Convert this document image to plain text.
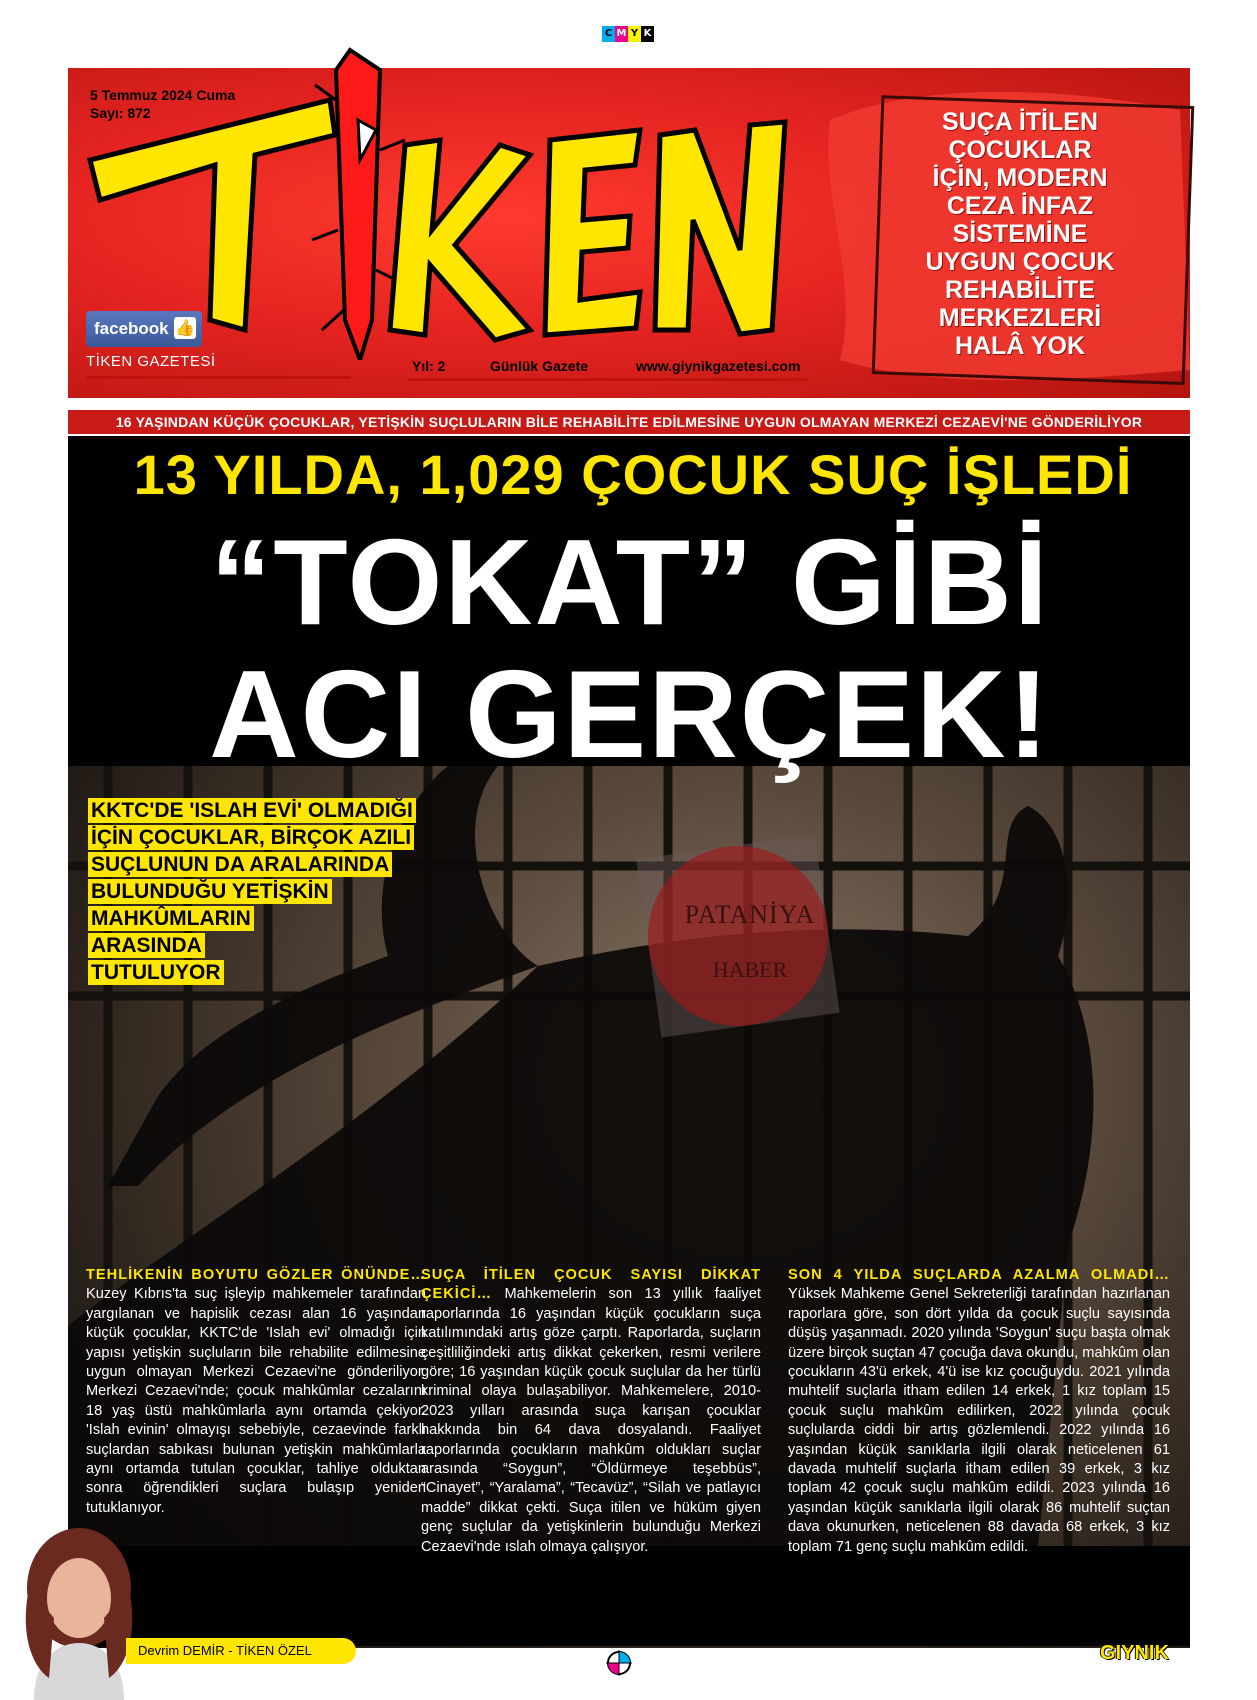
C M Y K
5 Temmuz 2024 Cuma
Sayı: 872
facebook 👍
TİKEN GAZETESİ	Yıl: 2	Günlük Gazete	www.giynikgazetesi.com
SUÇA İTİLEN
ÇOCUKLAR
İÇİN, MODERN
CEZA İNFAZ
SİSTEMİNE
UYGUN ÇOCUK
REHABİLİTE
MERKEZLERİ
HALÂ YOK
16 YAŞINDAN KÜÇÜK ÇOCUKLAR, YETİŞKİN SUÇLULARIN BİLE REHABİLİTE EDİLMESİNE UYGUN OLMAYAN MERKEZİ CEZAEVİ'NE GÖNDERİLİYOR
13 YILDA, 1,029 ÇOCUK SUÇ İŞLEDİ
“TOKAT” GİBİ
ACI GERÇEK!
KKTC'DE 'ISLAH EVİ' OLMADIĞI
İÇİN ÇOCUKLAR, BİRÇOK AZILI
SUÇLUNUN DA ARALARINDA
BULUNDUĞU YETİŞKİN
MAHKÛMLARIN
ARASINDA
TUTULUYOR
PATANİYA
HABER
TEHLİKENİN BOYUTU GÖZLER ÖNÜNDE… Kuzey Kıbrıs'ta suç işleyip mahkemeler tarafından yargılanan ve hapislik cezası alan 16 yaşından küçük çocuklar, KKTC'de 'Islah evi' olmadığı için yapısı yetişkin suçluların bile rehabilite edilmesine uygun olmayan Merkezi Cezaevi'ne gönderiliyor. Merkezi Cezaevi'nde; çocuk mahkûmlar cezalarını 18 yaş üstü mahkûmlarla aynı ortamda çekiyor. 'Islah evinin' olmayışı sebebiyle, cezaevinde farklı suçlardan sabıkası bulunan yetişkin mahkûmlarla aynı ortamda tutulan çocuklar, tahliye olduktan sonra öğrendikleri suçlara bulaşıp yeniden tutuklanıyor.
SUÇA İTİLEN ÇOCUK SAYISI DİKKAT ÇEKİCİ… Mahkemelerin son 13 yıllık faaliyet raporlarında 16 yaşından küçük çocukların suça katılımındaki artış göze çarptı. Raporlarda, suçların çeşitliliğindeki artış dikkat çekerken, resmi verilere göre; 16 yaşından küçük çocuk suçlular da her türlü kriminal olaya bulaşabiliyor. Mahkemelere, 2010-2023 yılları arasında suça karışan çocuklar hakkında bin 64 dava dosyalandı. Faaliyet raporlarında çocukların mahkûm oldukları suçlar arasında “Soygun”, “Öldürmeye teşebbüs”, “Cinayet”, “Yaralama”, “Tecavüz”, “Silah ve patlayıcı madde” dikkat çekti. Suça itilen ve hüküm giyen genç suçlular da yetişkinlerin bulunduğu Merkezi Cezaevi'nde ıslah olmaya çalışıyor.
SON 4 YILDA SUÇLARDA AZALMA OLMADI… Yüksek Mahkeme Genel Sekreterliği tarafından hazırlanan raporlara göre, son dört yılda da çocuk suçlu sayısında düşüş yaşanmadı. 2020 yılında 'Soygun' suçu başta olmak üzere birçok suçtan 47 çocuğa dava okundu, mahkûm olan çocukların 43'ü erkek, 4'ü ise kız çocuğuydu. 2021 yılında muhtelif suçlarla itham edilen 14 erkek, 1 kız toplam 15 çocuk suçlu mahkûm edilirken, 2022 yılında çocuk suçlularda ciddi bir artış gözlemlendi. 2022 yılında 16 yaşından küçük sanıklarla ilgili olarak neticelenen 61 davada muhtelif suçlarla itham edilen 39 erkek, 3 kız toplam 42 çocuk suçlu mahkûm edildi. 2023 yılında 16 yaşından küçük sanıklarla ilgili olarak 86 muhtelif suçtan dava okunurken, neticelenen 88 davada 68 erkek, 3 kız toplam 71 genç suçlu mahkûm edildi.
Devrim DEMİR - TİKEN ÖZEL	GIYNIK
